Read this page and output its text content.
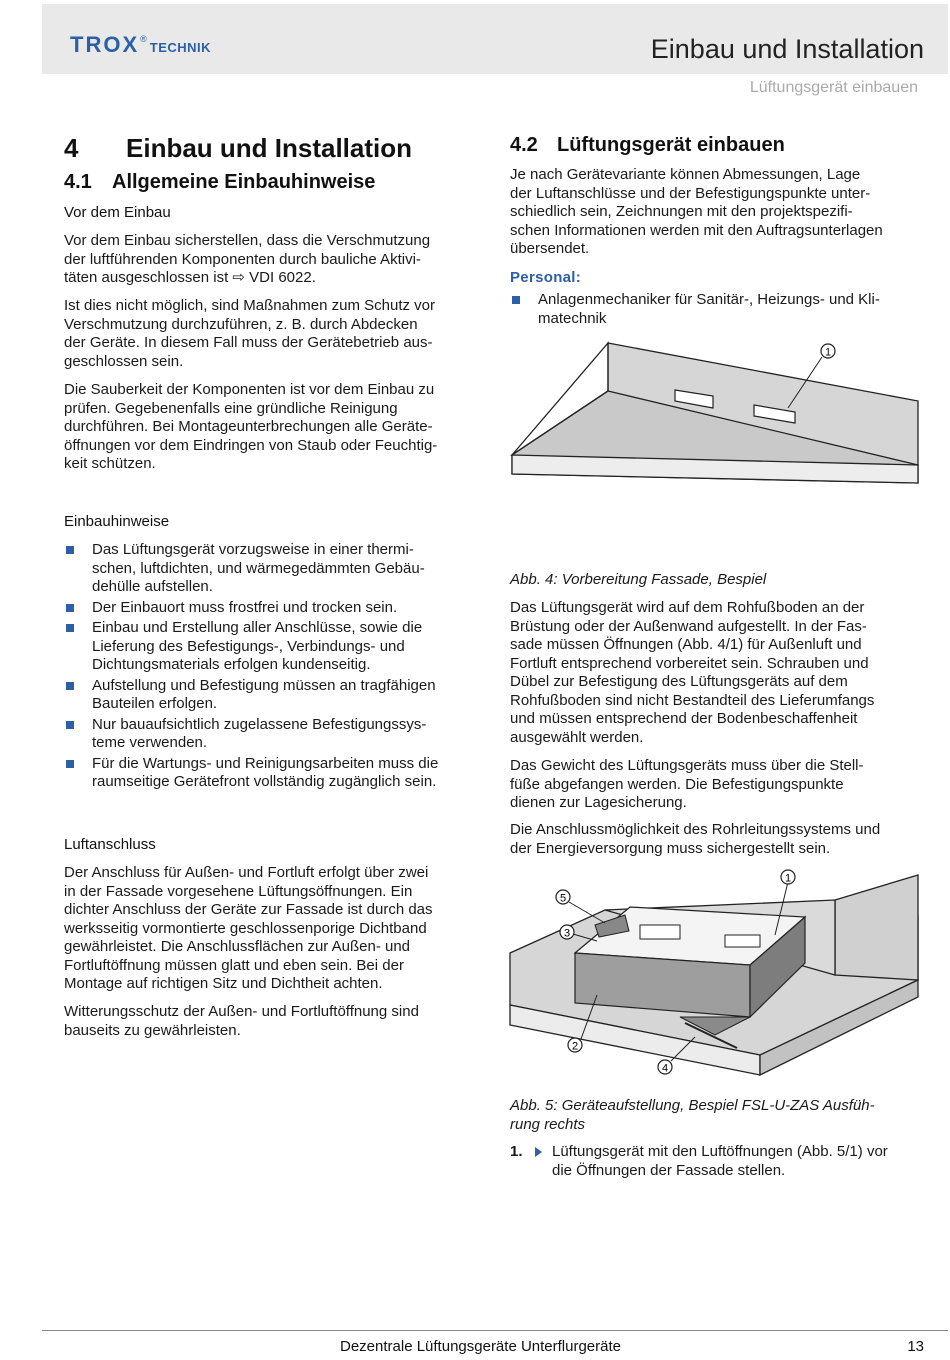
TROX ®
TECHNIK	Einbau und Installation
Lüftungsgerät einbauen
4 Einbau und Installation
4.1 Allgemeine Einbauhinweise
Vor dem Einbau
Vor dem Einbau sicherstellen, dass die Verschmutzung
der luftführenden Komponenten durch bauliche Aktivi-
täten ausgeschlossen ist ⇨ VDI 6022.
Ist dies nicht möglich, sind Maßnahmen zum Schutz vor
Verschmutzung durchzuführen, z. B. durch Abdecken
der Geräte. In diesem Fall muss der Gerätebetrieb aus-
geschlossen sein.
Die Sauberkeit der Komponenten ist vor dem Einbau zu
prüfen. Gegebenenfalls eine gründliche Reinigung
durchführen. Bei Montageunterbrechungen alle Geräte-
öffnungen vor dem Eindringen von Staub oder Feuchtig-
keit schützen.
Einbauhinweise
Das Lüftungsgerät vorzugsweise in einer thermi-
schen, luftdichten, und wärmegedämmten Gebäu-
dehülle aufstellen.
Der Einbauort muss frostfrei und trocken sein.
Einbau und Erstellung aller Anschlüsse, sowie die
Lieferung des Befestigungs-, Verbindungs- und
Dichtungsmaterials erfolgen kundenseitig.
Aufstellung und Befestigung müssen an tragfähigen
Bauteilen erfolgen.
Nur bauaufsichtlich zugelassene Befestigungssys-
teme verwenden.
Für die Wartungs- und Reinigungsarbeiten muss die
raumseitige Gerätefront vollständig zugänglich sein.
Luftanschluss
Der Anschluss für Außen- und Fortluft erfolgt über zwei
in der Fassade vorgesehene Lüftungsöffnungen. Ein
dichter Anschluss der Geräte zur Fassade ist durch das
werksseitig vormontierte geschlossenporige Dichtband
gewährleistet. Die Anschlussflächen zur Außen- und
Fortluftöffnung müssen glatt und eben sein. Bei der
Montage auf richtigen Sitz und Dichtheit achten.
Witterungsschutz der Außen- und Fortluftöffnung sind
bauseits zu gewährleisten.
4.2 Lüftungsgerät einbauen
Je nach Gerätevariante können Abmessungen, Lage
der Luftanschlüsse und der Befestigungspunkte unter-
schiedlich sein, Zeichnungen mit den projektspezifi-
schen Informationen werden mit den Auftragsunterlagen
übersendet.
Personal:
Anlagenmechaniker für Sanitär-, Heizungs- und Kli-
matechnik
1
Abb. 4: Vorbereitung Fassade, Bespiel
Das Lüftungsgerät wird auf dem Rohfußboden an der
Brüstung oder der Außenwand aufgestellt. In der Fas-
sade müssen Öffnungen (Abb. 4/1) für Außenluft und
Fortluft entsprechend vorbereitet sein. Schrauben und
Dübel zur Befestigung des Lüftungsgeräts auf dem
Rohfußboden sind nicht Bestandteil des Lieferumfangs
und müssen entsprechend der Bodenbeschaffenheit
ausgewählt werden.
Das Gewicht des Lüftungsgeräts muss über die Stell-
füße abgefangen werden. Die Befestigungspunkte
dienen zur Lagesicherung.
Die Anschlussmöglichkeit des Rohrleitungssystems und
der Energieversorgung muss sichergestellt sein.
1
2
3
4
5
Abb. 5: Geräteaufstellung, Bespiel FSL-U-ZAS Ausfüh-
rung rechts
1. Lüftungsgerät mit den Luftöffnungen (Abb. 5/1) vor
die Öffnungen der Fassade stellen.
Dezentrale Lüftungsgeräte Unterflurgeräte	13
